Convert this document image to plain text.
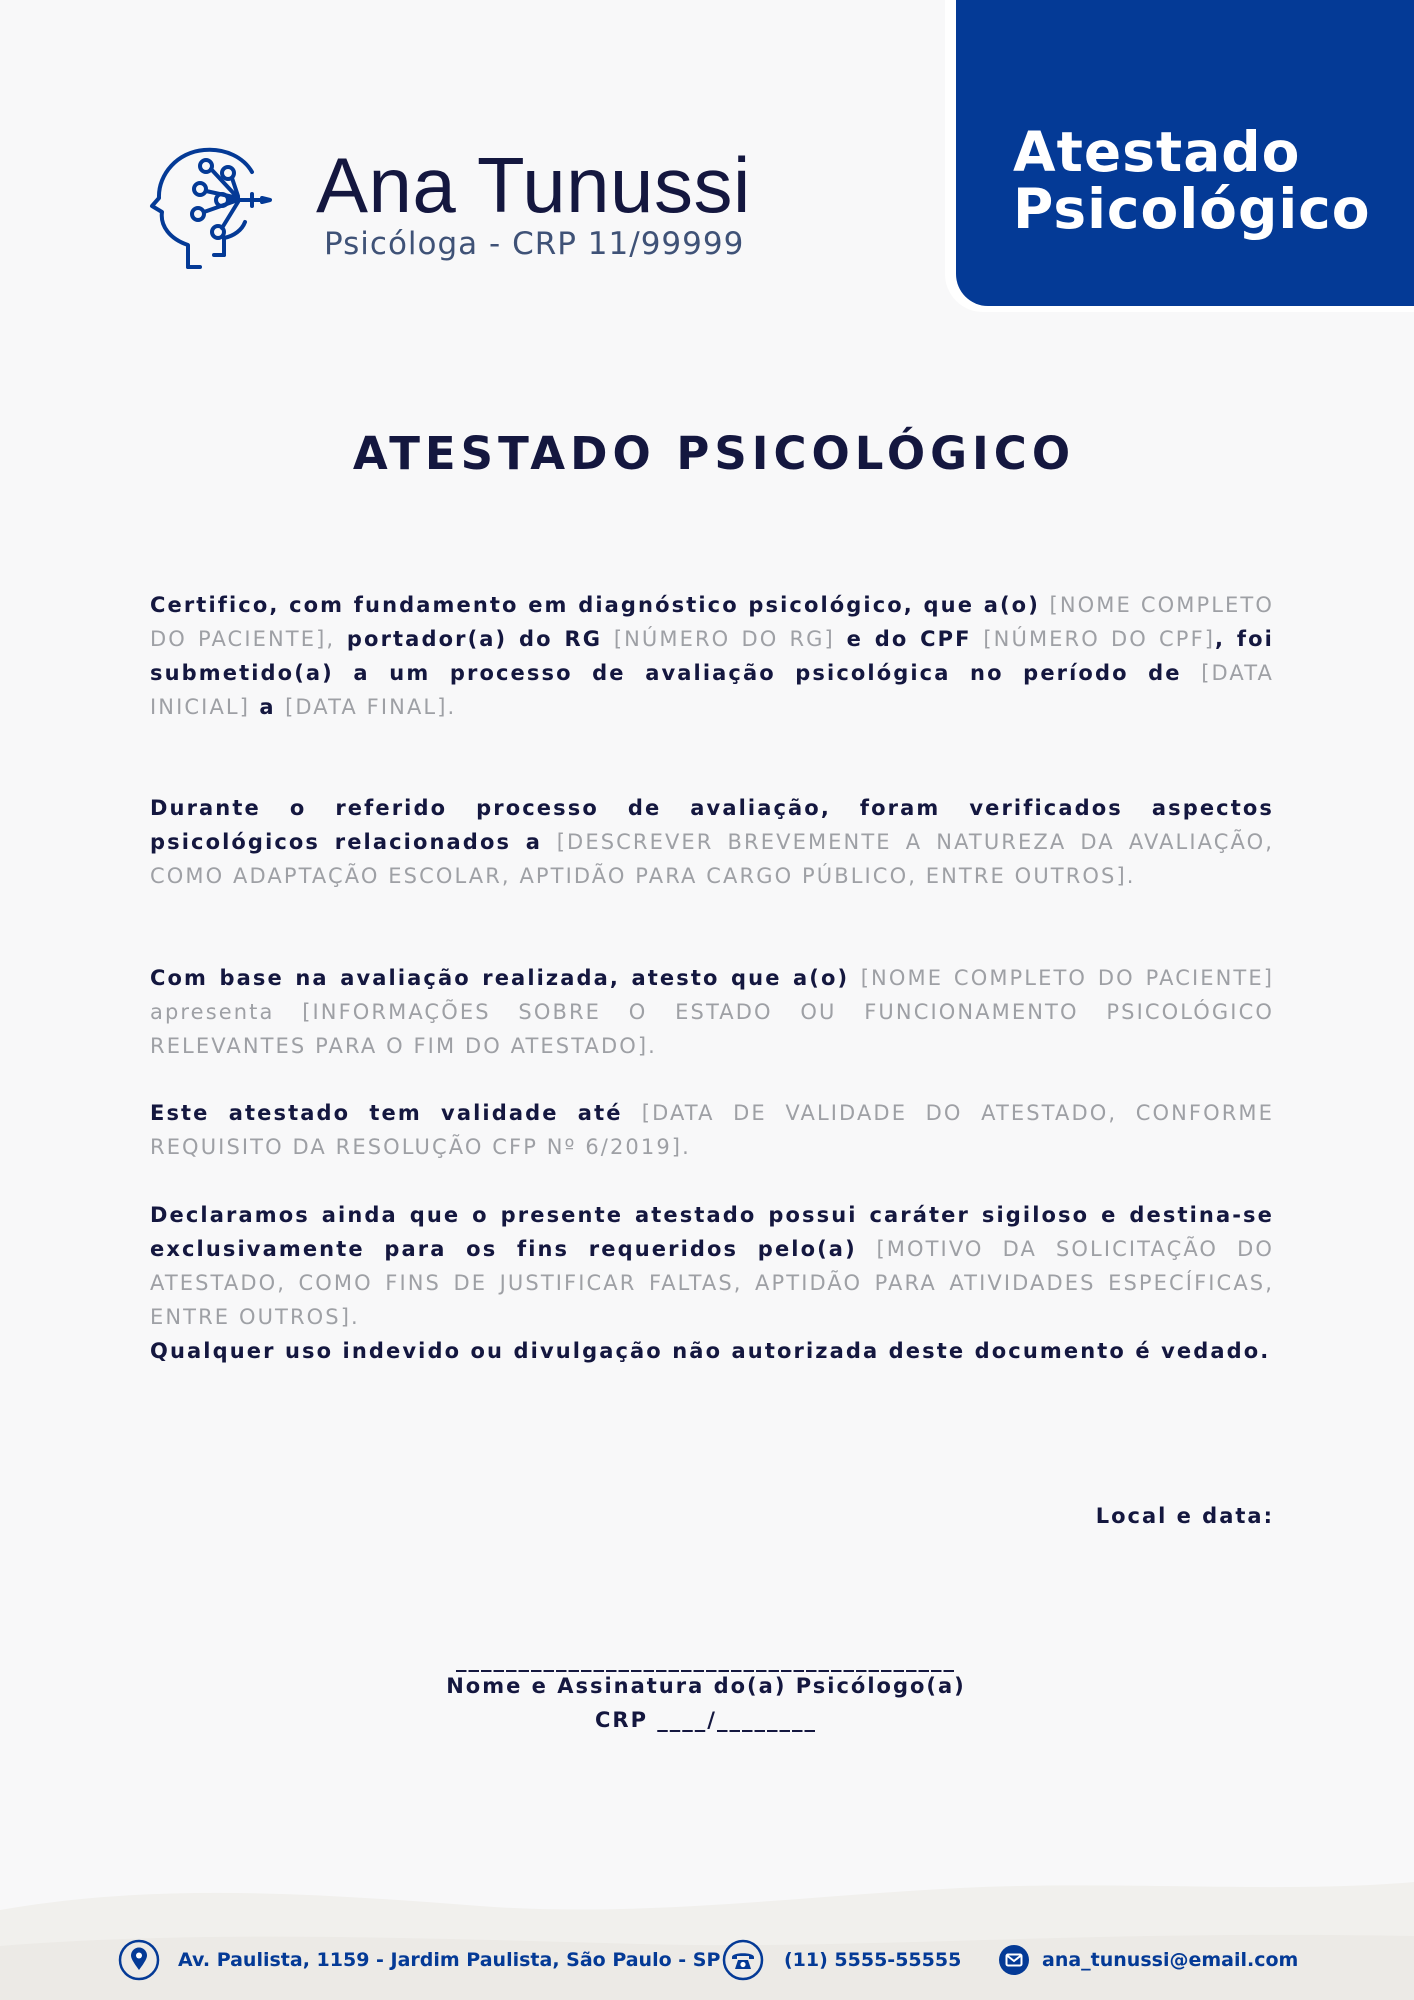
Atestado
Psicológico
Ana Tunussi
Psicóloga - CRP 11/99999
ATESTADO PSICOLÓGICO
Certifico, com fundamento em diagnóstico psicológico, que a(o) [NOME COMPLETO DO PACIENTE], portador(a) do RG [NÚMERO DO RG] e do CPF [NÚMERO DO CPF], foi submetido(a) a um processo de avaliação psicológica no período de [DATA INICIAL] a [DATA FINAL].
Durante o referido processo de avaliação, foram verificados aspectos psicológicos relacionados a [DESCREVER BREVEMENTE A NATUREZA DA AVALIAÇÃO, COMO ADAPTAÇÃO ESCOLAR, APTIDÃO PARA CARGO PÚBLICO, ENTRE OUTROS].
Com base na avaliação realizada, atesto que a(o) [NOME COMPLETO DO PACIENTE] apresenta [INFORMAÇÕES SOBRE O ESTADO OU FUNCIONAMENTO PSICOLÓGICO RELEVANTES PARA O FIM DO ATESTADO].
Este atestado tem validade até [DATA DE VALIDADE DO ATESTADO, CONFORME REQUISITO DA RESOLUÇÃO CFP Nº 6/2019].
Declaramos ainda que o presente atestado possui caráter sigiloso e destina-se exclusivamente para os fins requeridos pelo(a) [MOTIVO DA SOLICITAÇÃO DO ATESTADO, COMO FINS DE JUSTIFICAR FALTAS, APTIDÃO PARA ATIVIDADES ESPECÍFICAS, ENTRE OUTROS].
Qualquer uso indevido ou divulgação não autorizada deste documento é vedado.
Local e data:
________________________________________
Nome e Assinatura do(a) Psicólogo(a)
CRP ____/________
Av. Paulista, 1159 - Jardim Paulista, São Paulo - SP	(11) 5555-55555	ana_tunussi@email.com
